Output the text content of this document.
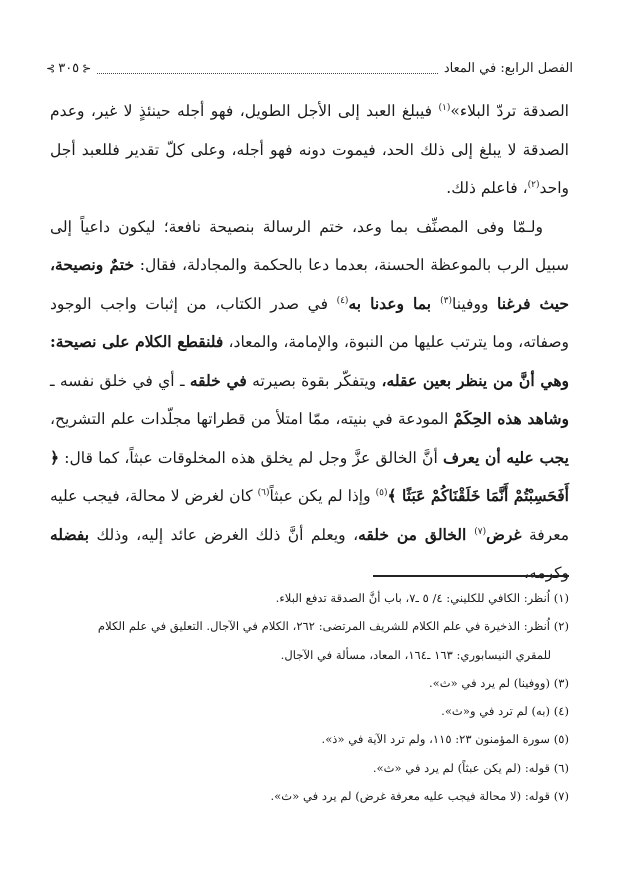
الفصل الرابع: في المعاد
⊰
٣٠٥
⊱

الصدقة تردّ البلاء»$^{(١)}$ فيبلغ العبد إلى الأجل الطويل، فهو أجله حينئذٍ لا غير، وعدم الصدقة لا يبلغ إلى ذلك الحد، فيموت دونه فهو أجله، وعلى كلّ تقدير فللعبد أجل واحد$^{(٢)}$، فاعلم ذلك.

ولـمّا وفى المصنِّف بما وعد، ختم الرسالة بنصيحة نافعة؛ ليكون داعياً إلى سبيل الرب بالموعظة الحسنة، بعدما دعا بالحكمة والمجادلة، فقال: ختمٌ ونصيحة، حيث فرغنا ووفينا$^{(٣)}$ بما وعدنا به$^{(٤)}$ في صدر الكتاب، من إثبات واجب الوجود وصفاته، وما يترتب عليها من النبوة، والإمامة، والمعاد، فلنقطع الكلام على نصيحة: وهي أنَّ من ينظر بعين عقله، ويتفكّر بقوة بصيرته في خلقه ـ أي في خلق نفسه ـ وشاهد هذه الحِكَمْ المودعة في بنيته، ممّا امتلأ من قطراتها مجلّدات علم التشريح، يجب عليه أن يعرف أنَّ الخالق عزَّ وجل لم يخلق هذه المخلوقات عبثاً، كما قال: ﴿ أَفَحَسِبْتُمْ أَنَّمَا خَلَقْنَاكُمْ عَبَثًا ﴾$^{(٥)}$ وإذا لم يكن عبثاً$^{(٦)}$ كان لغرض لا محالة، فيجب عليه معرفة غرض$^{(٧)}$ الخالق من خلقه، ويعلم أنَّ ذلك الغرض عائد إليه، وذلك بفضله وكرمه،

(١) اُنظر: الكافي للكليني: ٤/ ٥ ـ٧، باب أنَّ الصدقة تدفع البلاء.

(٢) اُنظر: الذخيرة في علم الكلام للشريف المرتضى: ٢٦٢، الكلام في الآجال. التعليق في علم الكلام

للمقري النيسابوري: ١٦٣ ـ١٦٤، المعاد، مسألة في الآجال.

(٣) (ووفينا) لم يرد في «ث».

(٤) (به) لم ترد في و«ث».

(٥) سورة المؤمنون ٢٣: ١١٥، ولم ترد الآية في «ذ».

(٦) قوله: (لم يكن عبثاً) لم يرد في «ث».

(٧) قوله: (لا محالة فيجب عليه معرفة غرض) لم يرد في «ث».
